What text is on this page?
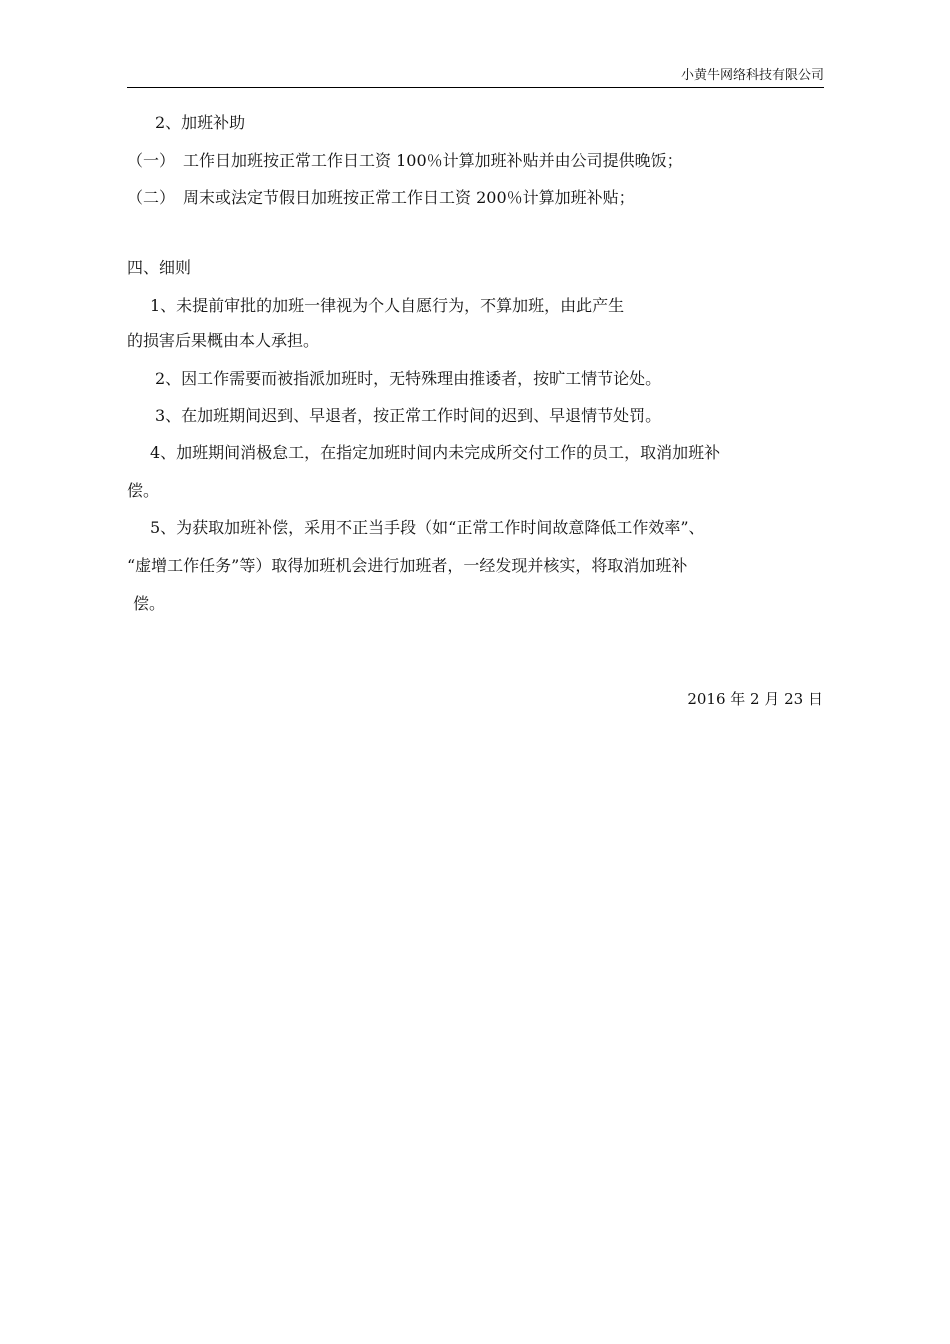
小黄牛网络科技有限公司
2、加班补助
（一）　工作日加班按正常工作日工资 100％计算加班补贴并由公司提供晚饭；
（二）　周末或法定节假日加班按正常工作日工资 200％计算加班补贴；
四、细则
1、未提前审批的加班一律视为个人自愿行为，不算加班，由此产生
的损害后果概由本人承担。
2、因工作需要而被指派加班时，无特殊理由推诿者，按旷工情节论处。
3、在加班期间迟到、早退者，按正常工作时间的迟到、早退情节处罚。
4、加班期间消极怠工，在指定加班时间内未完成所交付工作的员工，取消加班补
偿。
5、为获取加班补偿，采用不正当手段（如“正常工作时间故意降低工作效率”、
“虚增工作任务”等）取得加班机会进行加班者，一经发现并核实，将取消加班补
偿。
2016 年 2 月 23 日
